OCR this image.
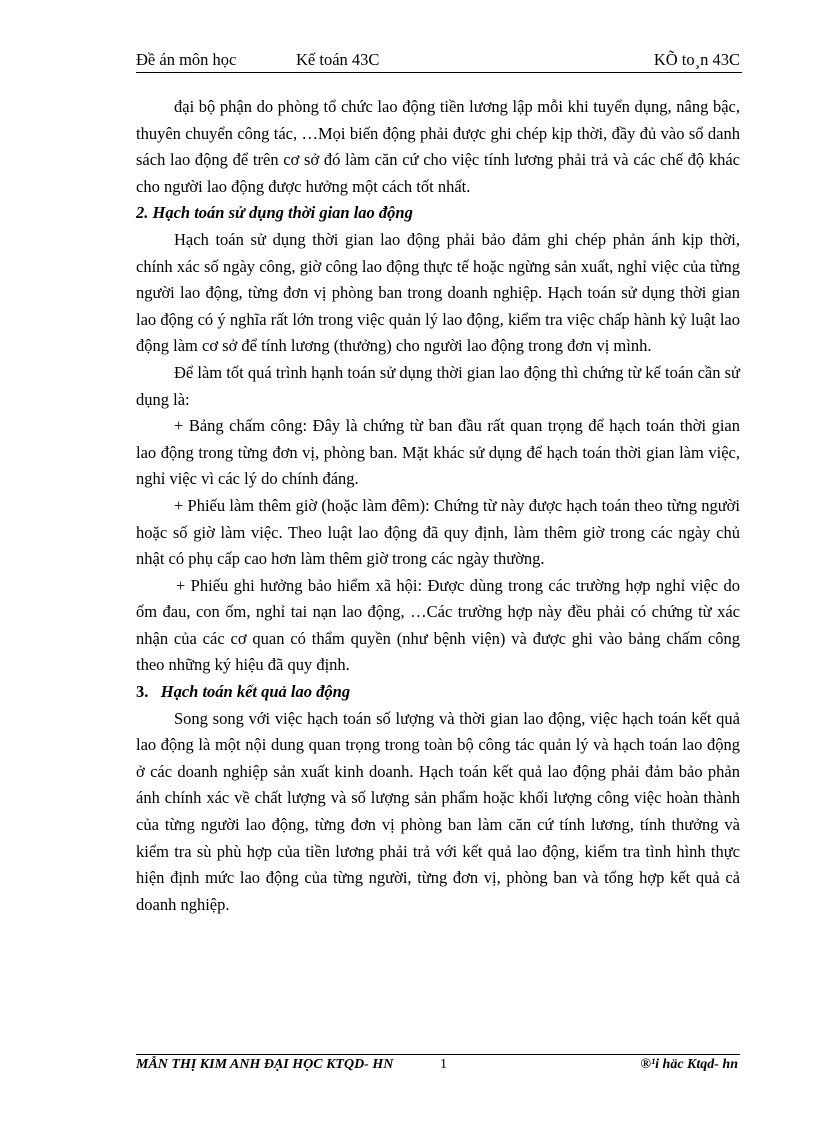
Đề án môn học	Kế toán 43C	KÕ to¸n 43C

đại bộ phận do phòng tổ chức lao động tiền lương lập mỗi khi tuyển dụng, nâng bậc, thuyên chuyển công tác, …Mọi biến động phải được ghi chép kịp thời, đầy đủ vào sổ danh sách lao động để trên cơ sở đó làm căn cứ cho việc tính lương phải trả và các chế độ khác cho người lao động được hưởng một cách tốt nhất.

2. Hạch toán sử dụng thời gian lao động

Hạch toán sử dụng thời gian lao động phải bảo đảm ghi chép phản ánh kịp thời, chính xác số ngày công, giờ công lao động thực tế hoặc ngừng sản xuất, nghỉ việc của từng người lao động, từng đơn vị phòng ban trong doanh nghiệp. Hạch toán sử dụng thời gian lao động có ý nghĩa rất lớn trong việc quản lý lao động, kiểm tra việc chấp hành kỷ luật lao động làm cơ sở để tính lương (thưởng) cho người lao động trong đơn vị mình.

Để làm tốt quá trình hạnh toán sử dụng thời gian lao động thì chứng từ kế toán cần sử dụng là:

+ Bảng chấm công: Đây là chứng từ ban đầu rất quan trọng để hạch toán thời gian lao động trong từng đơn vị, phòng ban. Mặt khác sử dụng để hạch toán thời gian làm việc, nghỉ việc vì các lý do chính đáng.

+ Phiếu làm thêm giờ (hoặc làm đêm): Chứng từ này được hạch toán theo từng người hoặc số giờ làm việc. Theo luật lao động đã quy định, làm thêm giờ trong các ngày chủ nhật có phụ cấp cao hơn làm thêm giờ trong các ngày thường.

+ Phiếu ghi hưởng bảo hiểm xã hội: Được dùng trong các trường hợp nghỉ việc do ốm đau, con ốm, nghỉ tai nạn lao động, …Các trường hợp này đều phải có chứng từ xác nhận của các cơ quan có thẩm quyền (như bệnh viện) và được ghi vào bảng chấm công theo những ký hiệu đã quy định.

3. Hạch toán kết quả lao động

Song song với việc hạch toán số lượng và thời gian lao động, việc hạch toán kết quả lao động là một nội dung quan trọng trong toàn bộ công tác quản lý và hạch toán lao động ở các doanh nghiệp sản xuất kinh doanh. Hạch toán kết quả lao động phải đảm bảo phản ánh chính xác về chất lượng và số lượng sản phẩm hoặc khối lượng công việc hoàn thành của từng người lao động, từng đơn vị phòng ban làm căn cứ tính lương, tính thưởng và kiểm tra sù phù hợp của tiền lương phải trả với kết quả lao động, kiểm tra tình hình thực hiện định mức lao động của từng người, từng đơn vị, phòng ban và tổng hợp kết quả cả doanh nghiệp.

MẪN THỊ KIM ANH ĐẠI HỌC KTQD- HN	1	®¹i häc Ktqd- hn
